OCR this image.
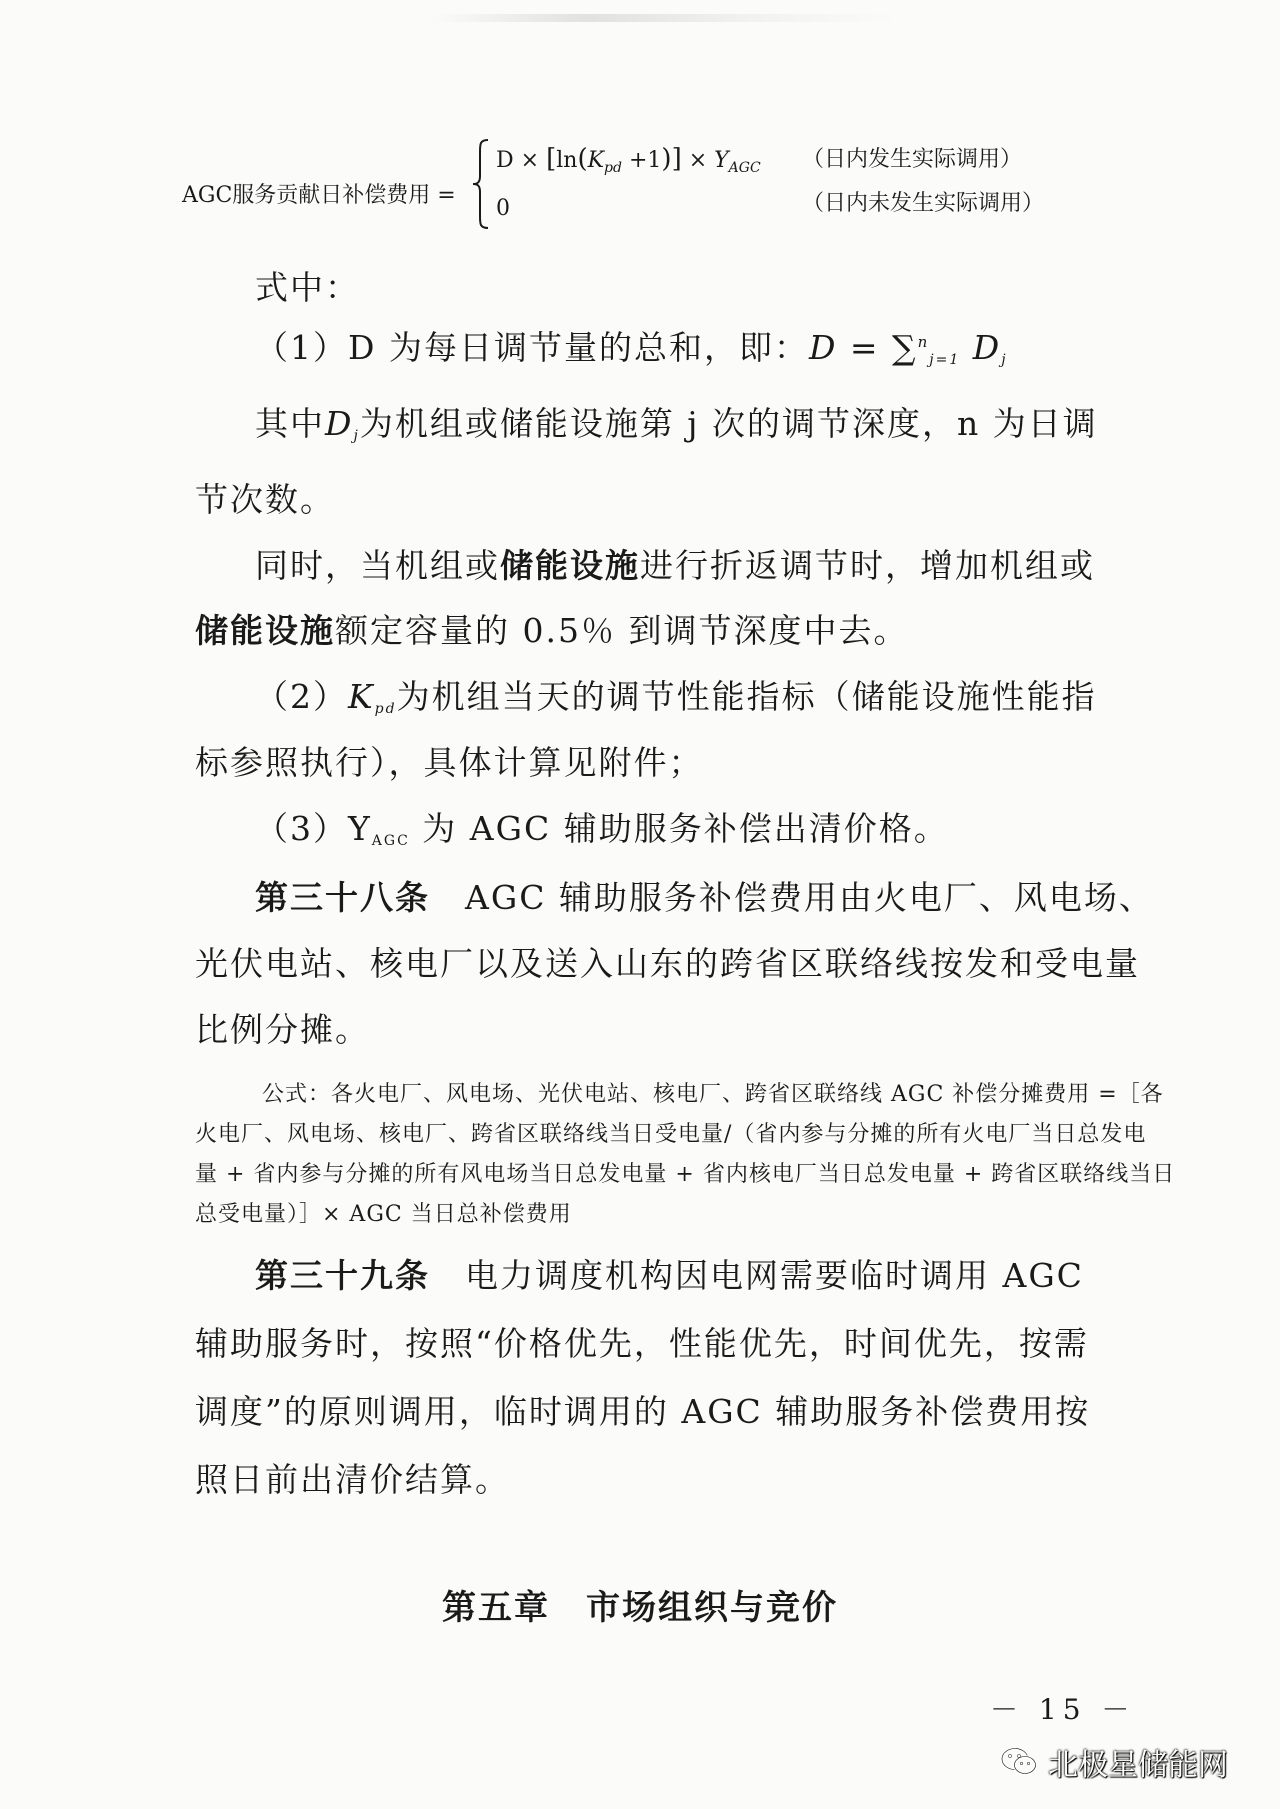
AGC服务贡献日补偿费用 =
$D \times [\ln(K_{pd} +1)] \times Y_{AGC}$
0
（日内发生实际调用）
（日内未发生实际调用）
式中：
（1）D 为每日调节量的总和，即：D = ∑$^n_{j=1}$ $D_j$
其中$D_j$为机组或储能设施第 j 次的调节深度，n 为日调
节次数。
同时，当机组或储能设施进行折返调节时，增加机组或
储能设施额定容量的 0.5％ 到调节深度中去。
$(2)K_{pd}$为机组当天的调节性能指标（储能设施性能指
标参照执行），具体计算见附件；
$(3)Y_{AGC}$ 为 AGC 辅助服务补偿出清价格。
第三十八条　AGC 辅助服务补偿费用由火电厂、风电场、
光伏电站、核电厂以及送入山东的跨省区联络线按发和受电量
比例分摊。
公式：各火电厂、风电场、光伏电站、核电厂、跨省区联络线 AGC 补偿分摊费用 =［各
火电厂、风电场、核电厂、跨省区联络线当日受电量/（省内参与分摊的所有火电厂当日总发电
量 + 省内参与分摊的所有风电场当日总发电量 + 省内核电厂当日总发电量 + 跨省区联络线当日
总受电量）］× AGC 当日总补偿费用
第三十九条　电力调度机构因电网需要临时调用 AGC
辅助服务时，按照“价格优先，性能优先，时间优先，按需
调度”的原则调用，临时调用的 AGC 辅助服务补偿费用按
照日前出清价结算。
第五章　市场组织与竞价
－ 15 －
北极星储能网
